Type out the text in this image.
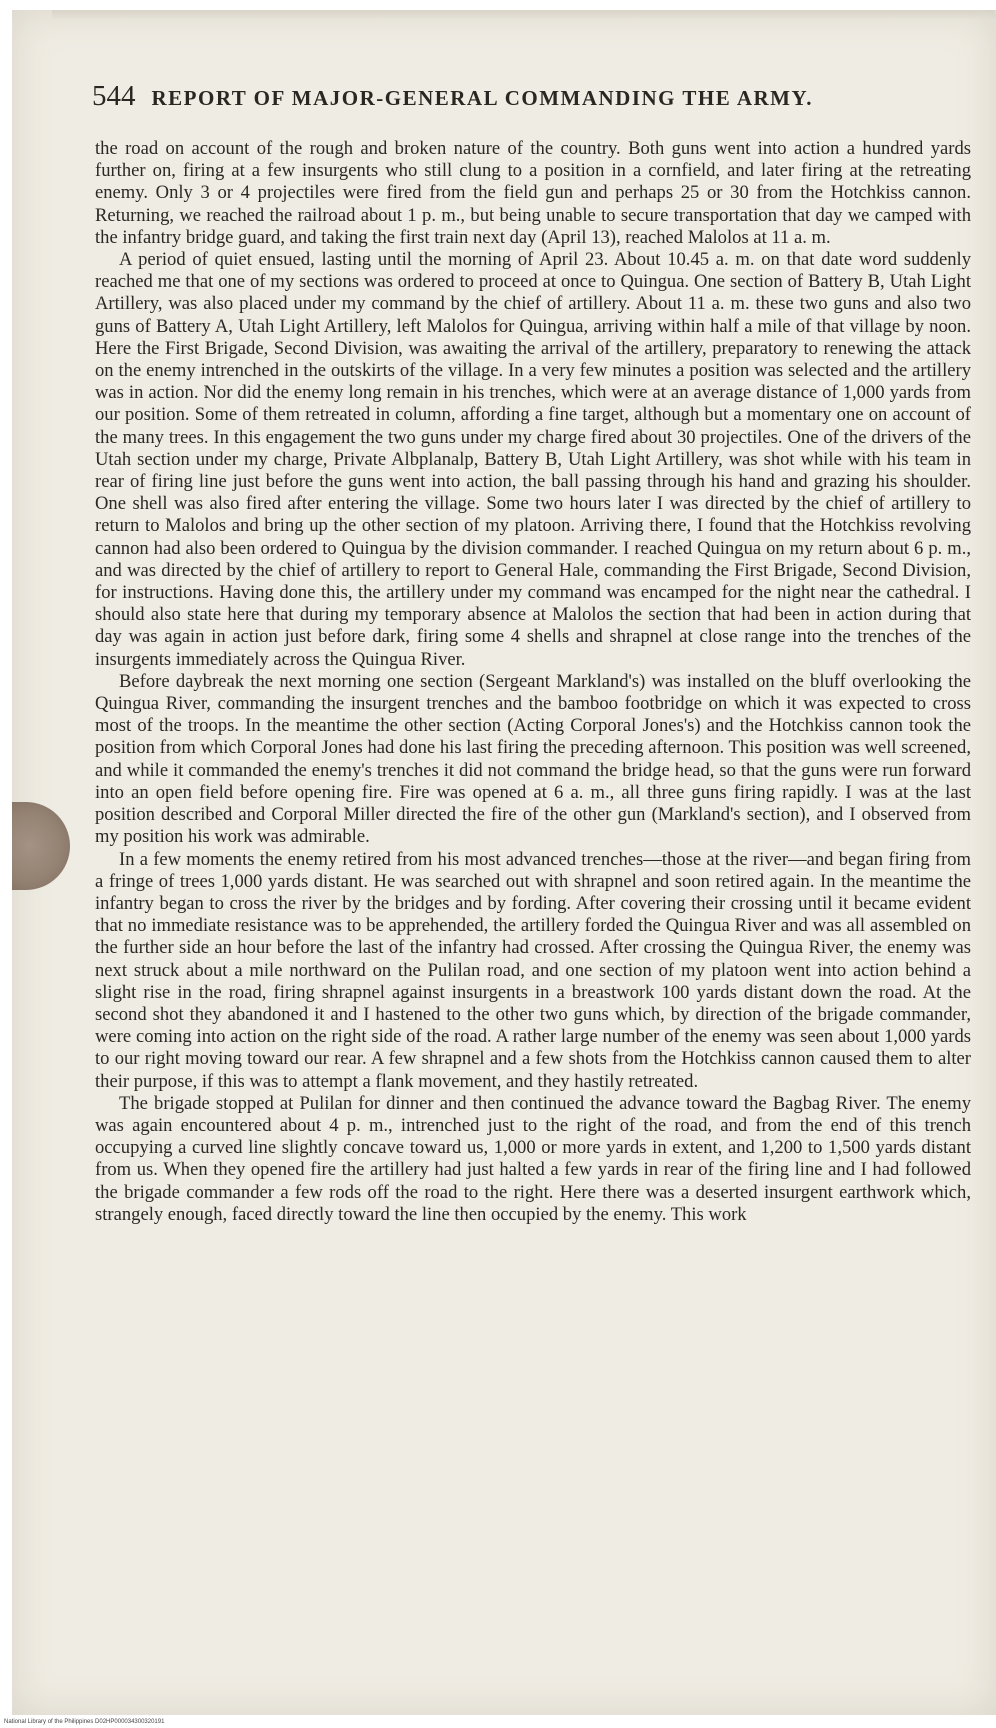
544 REPORT OF MAJOR-GENERAL COMMANDING THE ARMY.

the road on account of the rough and broken nature of the country. Both guns went into action a hundred yards further on, firing at a few insurgents who still clung to a position in a cornfield, and later firing at the retreating enemy. Only 3 or 4 projectiles were fired from the field gun and perhaps 25 or 30 from the Hotchkiss cannon. Returning, we reached the railroad about 1 p. m., but being unable to secure transportation that day we camped with the infantry bridge guard, and taking the first train next day (April 13), reached Malolos at 11 a. m.

A period of quiet ensued, lasting until the morning of April 23. About 10.45 a. m. on that date word suddenly reached me that one of my sections was ordered to proceed at once to Quingua. One section of Battery B, Utah Light Artillery, was also placed under my command by the chief of artillery. About 11 a. m. these two guns and also two guns of Battery A, Utah Light Artillery, left Malolos for Quingua, arriving within half a mile of that village by noon. Here the First Brigade, Second Division, was awaiting the arrival of the artillery, preparatory to renewing the attack on the enemy intrenched in the outskirts of the village. In a very few minutes a position was selected and the artillery was in action. Nor did the enemy long remain in his trenches, which were at an average distance of 1,000 yards from our position. Some of them retreated in column, affording a fine target, although but a momentary one on account of the many trees. In this engagement the two guns under my charge fired about 30 projectiles. One of the drivers of the Utah section under my charge, Private Albplanalp, Battery B, Utah Light Artillery, was shot while with his team in rear of firing line just before the guns went into action, the ball passing through his hand and grazing his shoulder. One shell was also fired after entering the village. Some two hours later I was directed by the chief of artillery to return to Malolos and bring up the other section of my platoon. Arriving there, I found that the Hotchkiss revolving cannon had also been ordered to Quingua by the division commander. I reached Quingua on my return about 6 p. m., and was directed by the chief of artillery to report to General Hale, commanding the First Brigade, Second Division, for instructions. Having done this, the artillery under my command was encamped for the night near the cathedral. I should also state here that during my temporary absence at Malolos the section that had been in action during that day was again in action just before dark, firing some 4 shells and shrapnel at close range into the trenches of the insurgents immediately across the Quingua River.

Before daybreak the next morning one section (Sergeant Markland's) was installed on the bluff overlooking the Quingua River, commanding the insurgent trenches and the bamboo footbridge on which it was expected to cross most of the troops. In the meantime the other section (Acting Corporal Jones's) and the Hotchkiss cannon took the position from which Corporal Jones had done his last firing the preceding afternoon. This position was well screened, and while it commanded the enemy's trenches it did not command the bridge head, so that the guns were run forward into an open field before opening fire. Fire was opened at 6 a. m., all three guns firing rapidly. I was at the last position described and Corporal Miller directed the fire of the other gun (Markland's section), and I observed from my position his work was admirable.

In a few moments the enemy retired from his most advanced trenches—those at the river—and began firing from a fringe of trees 1,000 yards distant. He was searched out with shrapnel and soon retired again. In the meantime the infantry began to cross the river by the bridges and by fording. After covering their crossing until it became evident that no immediate resistance was to be apprehended, the artillery forded the Quingua River and was all assembled on the further side an hour before the last of the infantry had crossed. After crossing the Quingua River, the enemy was next struck about a mile northward on the Pulilan road, and one section of my platoon went into action behind a slight rise in the road, firing shrapnel against insurgents in a breastwork 100 yards distant down the road. At the second shot they abandoned it and I hastened to the other two guns which, by direction of the brigade commander, were coming into action on the right side of the road. A rather large number of the enemy was seen about 1,000 yards to our right moving toward our rear. A few shrapnel and a few shots from the Hotchkiss cannon caused them to alter their purpose, if this was to attempt a flank movement, and they hastily retreated.

The brigade stopped at Pulilan for dinner and then continued the advance toward the Bagbag River. The enemy was again encountered about 4 p. m., intrenched just to the right of the road, and from the end of this trench occupying a curved line slightly concave toward us, 1,000 or more yards in extent, and 1,200 to 1,500 yards distant from us. When they opened fire the artillery had just halted a few yards in rear of the firing line and I had followed the brigade commander a few rods off the road to the right. Here there was a deserted insurgent earthwork which, strangely enough, faced directly toward the line then occupied by the enemy. This work

National Library of the Philippines D02HP000034300320191
